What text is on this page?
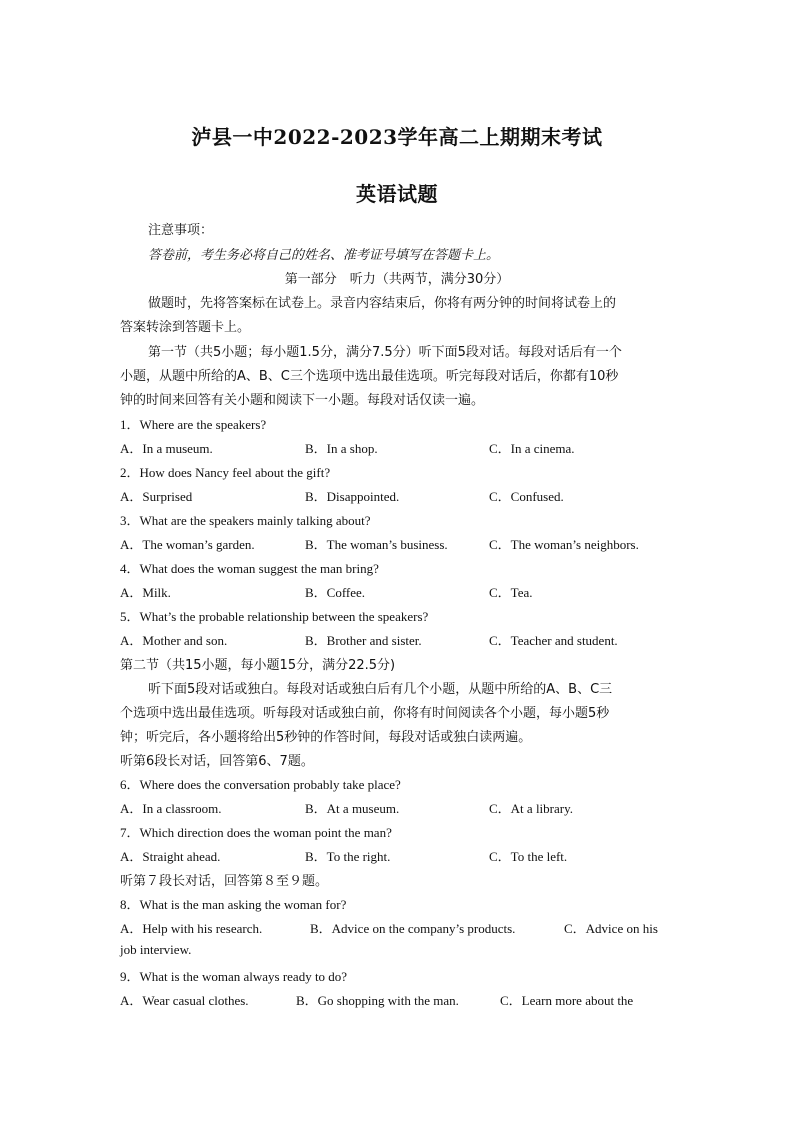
泸县一中2022-2023学年高二上期期末考试
英语试题
注意事项：
答卷前，考生务必将自己的姓名、准考证号填写在答题卡上。
第一部分　听力（共两节，满分30分）
做题时，先将答案标在试卷上。录音内容结束后，你将有两分钟的时间将试卷上的
答案转涂到答题卡上。
第一节（共5小题；每小题1.5分，满分7.5分）听下面5段对话。每段对话后有一个
小题，从题中所给的A、B、C三个选项中选出最佳选项。听完每段对话后，你都有10秒
钟的时间来回答有关小题和阅读下一小题。每段对话仅读一遍。
1．Where are the speakers?
A．In a museum.	B．In a shop.	C．In a cinema.
2．How does Nancy feel about the gift?
A．Surprised	B．Disappointed.	C．Confused.
3．What are the speakers mainly talking about?
A．The woman’s garden.	B．The woman’s business.	C．The woman’s neighbors.
4．What does the woman suggest the man bring?
A．Milk.	B．Coffee.	C．Tea.
5．What’s the probable relationship between the speakers?
A．Mother and son.	B．Brother and sister.	C．Teacher and student.
第二节（共15小题，每小题15分，满分22.5分)
听下面5段对话或独白。每段对话或独白后有几个小题，从题中所给的A、B、C三
个选项中选出最佳选项。听每段对话或独白前，你将有时间阅读各个小题，每小题5秒
钟；听完后，各小题将给出5秒钟的作答时间，每段对话或独白读两遍。
听第6段长对话，回答第6、7题。
6．Where does the conversation probably take place?
A．In a classroom.	B．At a museum.	C．At a library.
7．Which direction does the woman point the man?
A．Straight ahead.	B．To the right.	C．To the left.
听第７段长对话，回答第８至９题。
8．What is the man asking the woman for?
A．Help with his research.	B．Advice on the company’s products.	C．Advice on his
job interview.
9．What is the woman always ready to do?
A．Wear casual clothes.	B．Go shopping with the man.	C．Learn more about the
